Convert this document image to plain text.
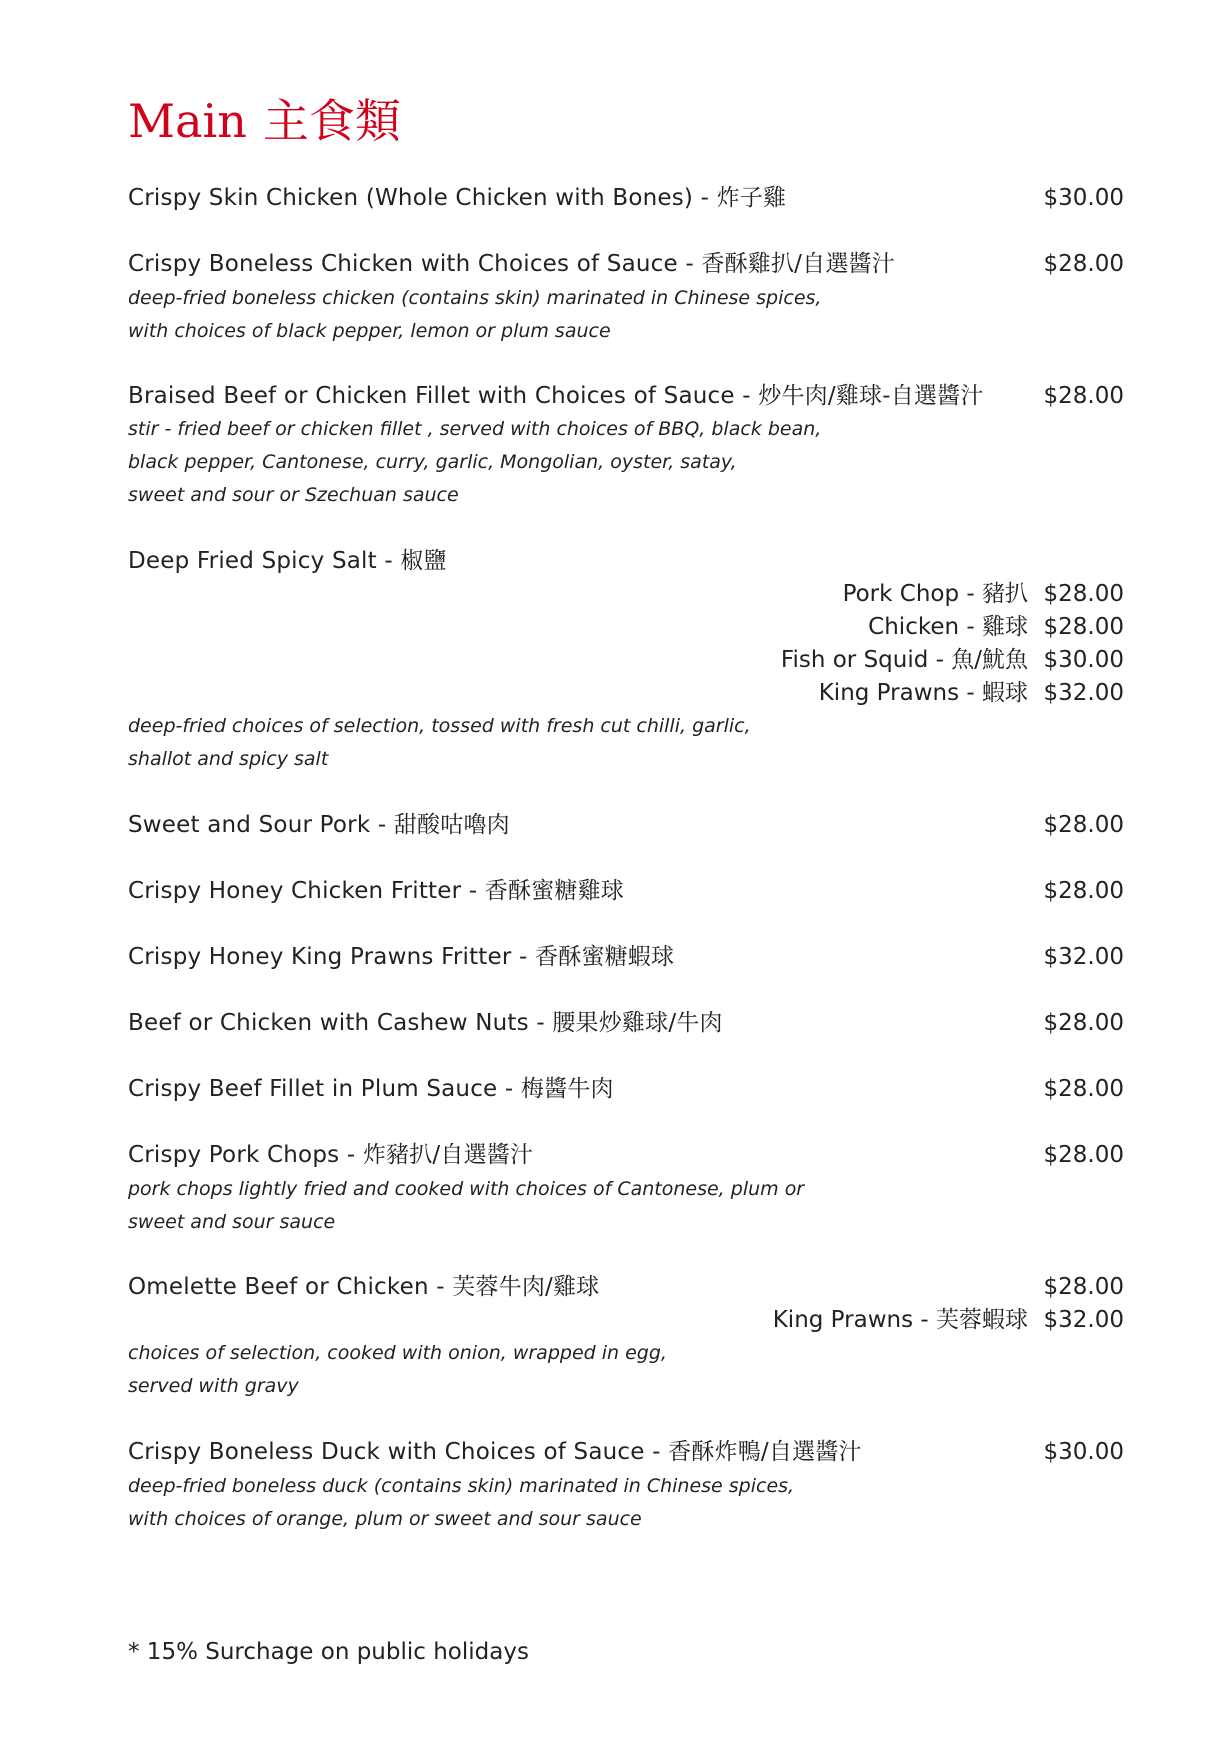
Main 主食類
Crispy Skin Chicken (Whole Chicken with Bones) - 炸子雞	$30.00
Crispy Boneless Chicken with Choices of Sauce - 香酥雞扒/自選醬汁	$28.00
deep-fried boneless chicken (contains skin) marinated in Chinese spices,
with choices of black pepper, lemon or plum sauce
Braised Beef or Chicken Fillet with Choices of Sauce - 炒牛肉/雞球-自選醬汁	$28.00
stir - fried beef or chicken fillet , served with choices of BBQ, black bean,
black pepper, Cantonese, curry, garlic, Mongolian, oyster, satay,
sweet and sour or Szechuan sauce
Deep Fried Spicy Salt - 椒鹽
Pork Chop - 豬扒 $28.00
Chicken - 雞球 $28.00
Fish or Squid - 魚/魷魚 $30.00
King Prawns - 蝦球 $32.00
deep-fried choices of selection, tossed with fresh cut chilli, garlic,
shallot and spicy salt
Sweet and Sour Pork - 甜酸咕嚕肉	$28.00
Crispy Honey Chicken Fritter - 香酥蜜糖雞球	$28.00
Crispy Honey King Prawns Fritter - 香酥蜜糖蝦球	$32.00
Beef or Chicken with Cashew Nuts - 腰果炒雞球/牛肉	$28.00
Crispy Beef Fillet in Plum Sauce - 梅醬牛肉	$28.00
Crispy Pork Chops - 炸豬扒/自選醬汁	$28.00
pork chops lightly fried and cooked with choices of Cantonese, plum or
sweet and sour sauce
Omelette Beef or Chicken - 芙蓉牛肉/雞球	$28.00
King Prawns - 芙蓉蝦球 $32.00
choices of selection, cooked with onion, wrapped in egg,
served with gravy
Crispy Boneless Duck with Choices of Sauce - 香酥炸鴨/自選醬汁	$30.00
deep-fried boneless duck (contains skin) marinated in Chinese spices,
with choices of orange, plum or sweet and sour sauce
* 15% Surchage on public holidays
